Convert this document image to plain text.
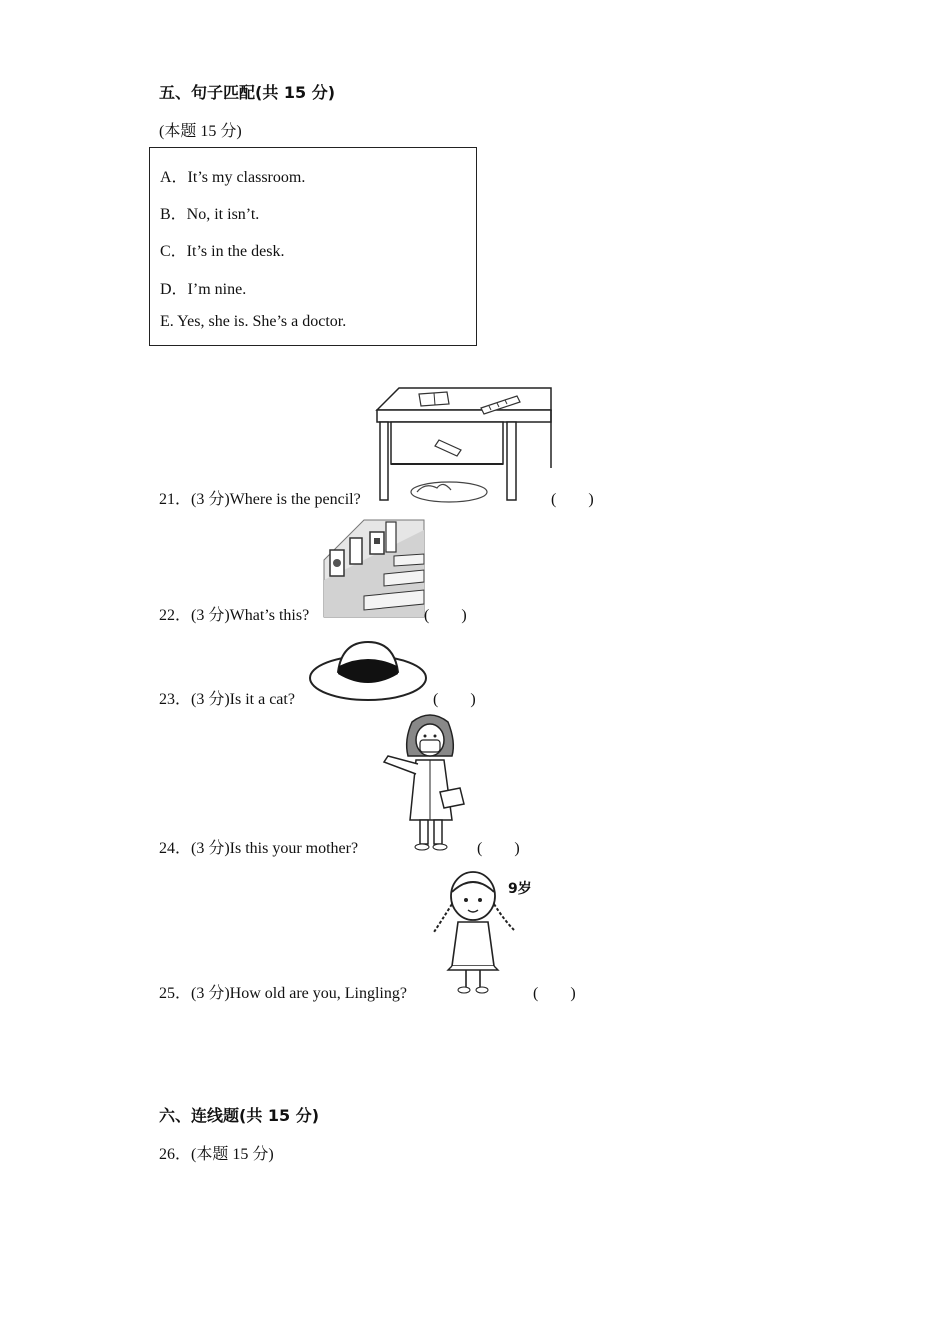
五、句子匹配(共 15 分)
(本题 15 分)
A．It’s my classroom.
B．No, it isn’t.
C．It’s in the desk.
D．I’m nine.
E. Yes, she is. She’s a doctor.
21．(3 分)Where is the pencil?	(　　)
22．(3 分)What’s this?	(　　)
23．(3 分)Is it a cat?	(　　)
24．(3 分)Is this your mother?	(　　)
25．(3 分)How old are you, Lingling?
9岁
(　　)
六、连线题(共 15 分)
26．(本题 15 分)
